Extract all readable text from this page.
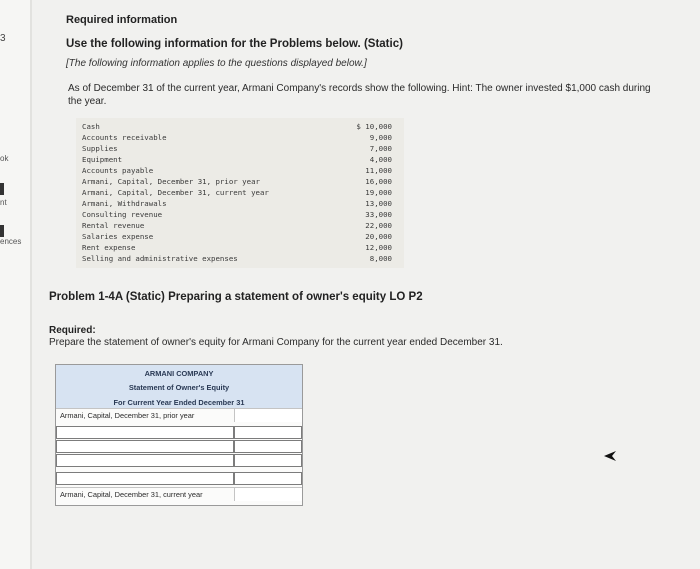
3
ok
nt
ences
Required information
Use the following information for the Problems below. (Static)
[The following information applies to the questions displayed below.]
As of December 31 of the current year, Armani Company's records show the following. Hint: The owner invested $1,000 cash during the year.
Cash	$ 10,000
Accounts receivable	9,000
Supplies	7,000
Equipment	4,000
Accounts payable	11,000
Armani, Capital, December 31, prior year	16,000
Armani, Capital, December 31, current year	19,000
Armani, Withdrawals	13,000
Consulting revenue	33,000
Rental revenue	22,000
Salaries expense	20,000
Rent expense	12,000
Selling and administrative expenses	8,000
Problem 1-4A (Static) Preparing a statement of owner's equity LO P2
Required:
Prepare the statement of owner's equity for Armani Company for the current year ended December 31.
ARMANI COMPANY
Statement of Owner's Equity
For Current Year Ended December 31
Armani, Capital, December 31, prior year
Armani, Capital, December 31, current year
